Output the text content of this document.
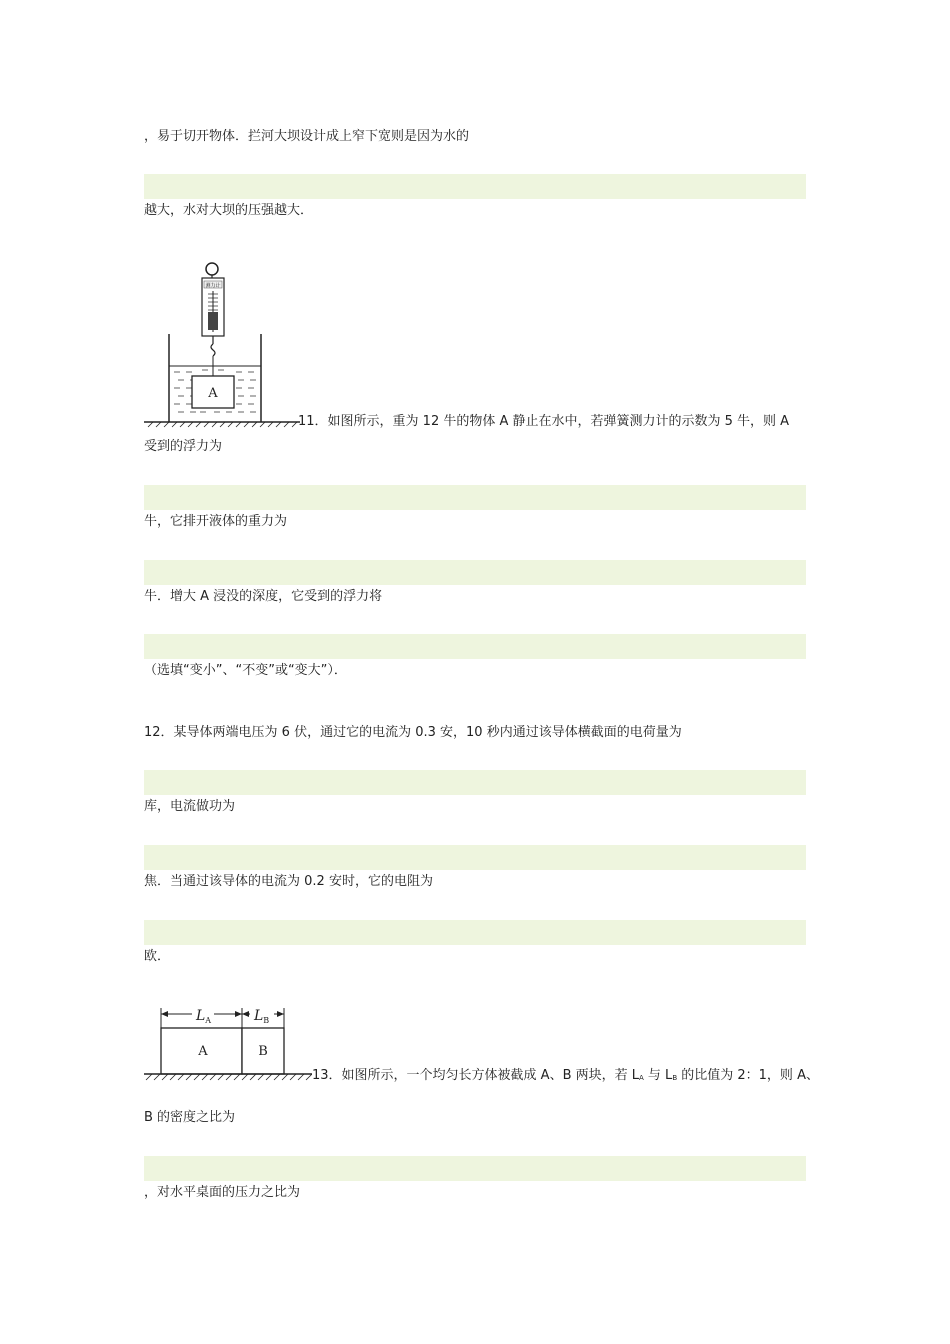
，易于切开物体．拦河大坝设计成上窄下宽则是因为水的
越大，水对大坝的压强越大．
测力计
A
11．如图所示，重为 12 牛的物体 A 静止在水中，若弹簧测力计的示数为 5 牛，则 A
受到的浮力为
牛，它排开液体的重力为
牛．增大 A 浸没的深度，它受到的浮力将
（选填“变小”、“不变”或“变大”）．
12．某导体两端电压为 6 伏，通过它的电流为 0.3 安，10 秒内通过该导体横截面的电荷量为
库，电流做功为
焦．当通过该导体的电流为 0.2 安时，它的电阻为
欧．
$L_A$	$L_B$
A	B
13．如图所示，一个均匀长方体被截成 A、B 两块，若 $L_A$ 与 $L_B$ 的比值为 2：1，则 A、
B 的密度之比为
，对水平桌面的压力之比为
